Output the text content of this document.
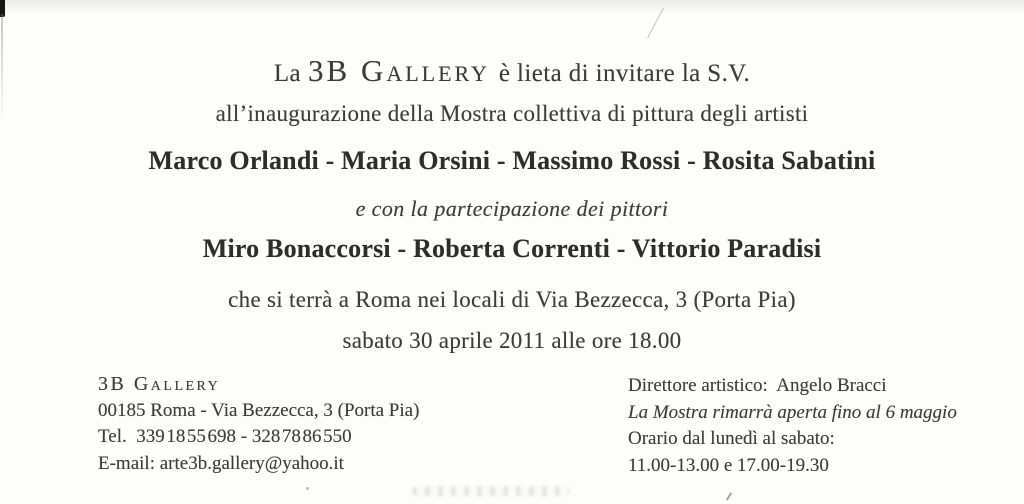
La 3B Gallery è lieta di invitare la S.V.
all’inaugurazione della Mostra collettiva di pittura degli artisti
Marco Orlandi - Maria Orsini - Massimo Rossi - Rosita Sabatini
e con la partecipazione dei pittori
Miro Bonaccorsi - Roberta Correnti - Vittorio Paradisi
che si terrà a Roma nei locali di Via Bezzecca, 3 (Porta Pia)
sabato 30 aprile 2011 alle ore 18.00
3B Gallery
00185 Roma - Via Bezzecca, 3 (Porta Pia)
Tel.  339 18 55 698 - 328 78 86 550
E-mail: arte3b.gallery@yahoo.it
Direttore artistico:  Angelo Bracci
La Mostra rimarrà aperta fino al 6 maggio
Orario dal lunedì al sabato:
11.00-13.00 e 17.00-19.30
